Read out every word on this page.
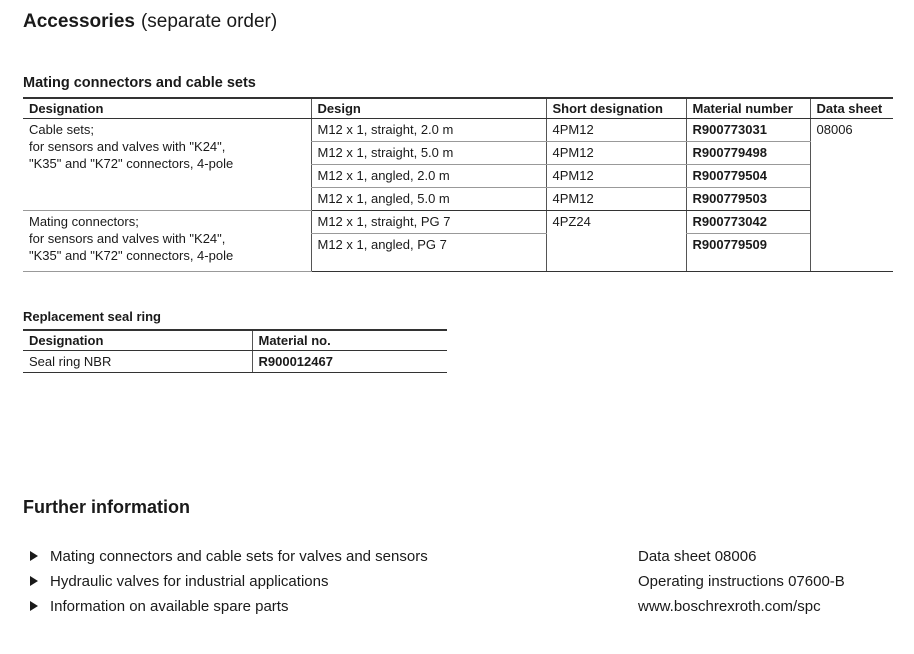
Accessories (separate order)
Mating connectors and cable sets
Designation	Design	Short designation	Material number	Data sheet
Cable sets;
for sensors and valves with "K24",
"K35" and "K72" connectors, 4-pole	M12 x 1, straight, 2.0 m	4PM12	R900773031	08006
	M12 x 1, straight, 5.0 m	4PM12	R900779498	
	M12 x 1, angled, 2.0 m	4PM12	R900779504	
	M12 x 1, angled, 5.0 m	4PM12	R900779503	
Mating connectors;
for sensors and valves with "K24",
"K35" and "K72" connectors, 4-pole	M12 x 1, straight, PG 7	4PZ24	R900773042	
	M12 x 1, angled, PG 7		R900779509	
Replacement seal ring
Designation	Material no.
Seal ring NBR	R900012467
Further information
Mating connectors and cable sets for valves and sensors
Hydraulic valves for industrial applications
Information on available spare parts
Data sheet 08006
Operating instructions 07600-B
www.boschrexroth.com/spc
